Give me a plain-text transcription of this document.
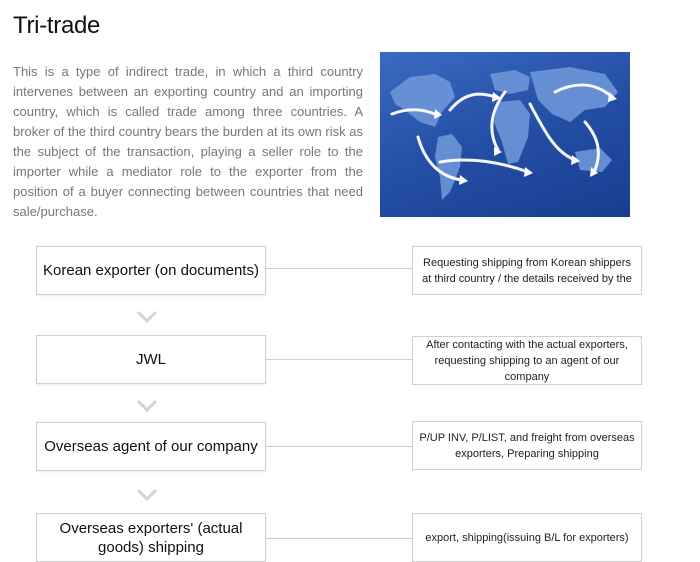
Tri-trade

This is a type of indirect trade, in which a third country intervenes between an exporting country and an importing country, which is called trade among three countries. A broker of the third country bears the burden at its own risk as the subject of the transaction, playing a seller role to the importer while a mediator role to the exporter from the position of a buyer connecting between countries that need sale/purchase.

Korean exporter (on documents)	Requesting shipping from Korean shippers at third country / the details received by the
JWL
After contacting with the actual exporters, requesting shipping to an agent of our company
Overseas agent of our company
P/UP INV, P/LIST, and freight from overseas exporters, Preparing shipping
Overseas exporters' (actual goods) shipping
export, shipping(issuing B/L for exporters)
